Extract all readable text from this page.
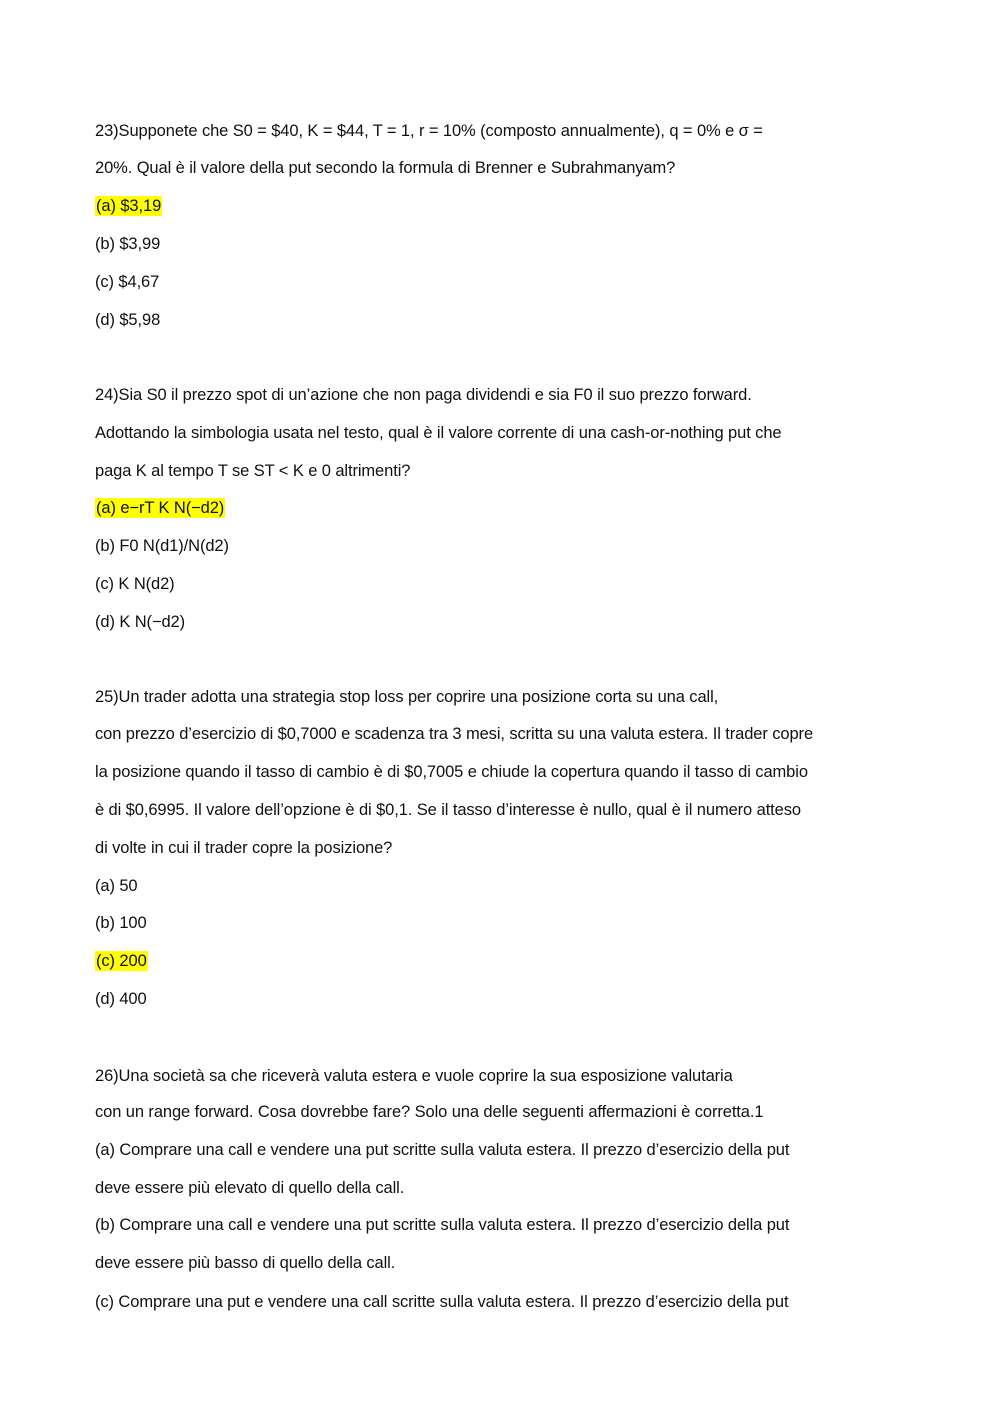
23)Supponete che S0 = $40, K = $44, T = 1, r = 10% (composto annualmente), q = 0% e σ =
20%. Qual è il valore della put secondo la formula di Brenner e Subrahmanyam?
(a) $3,19
(b) $3,99
(c) $4,67
(d) $5,98
24)Sia S0 il prezzo spot di un’azione che non paga dividendi e sia F0 il suo prezzo forward.
Adottando la simbologia usata nel testo, qual è il valore corrente di una cash-or-nothing put che
paga K al tempo T se ST < K e 0 altrimenti?
(a) e−rT K N(−d2)
(b) F0 N(d1)/N(d2)
(c) K N(d2)
(d) K N(−d2)
25)Un trader adotta una strategia stop loss per coprire una posizione corta su una call,
con prezzo d’esercizio di $0,7000 e scadenza tra 3 mesi, scritta su una valuta estera. Il trader copre
la posizione quando il tasso di cambio è di $0,7005 e chiude la copertura quando il tasso di cambio
è di $0,6995. Il valore dell’opzione è di $0,1. Se il tasso d’interesse è nullo, qual è il numero atteso
di volte in cui il trader copre la posizione?
(a) 50
(b) 100
(c) 200
(d) 400
26)Una società sa che riceverà valuta estera e vuole coprire la sua esposizione valutaria
con un range forward. Cosa dovrebbe fare? Solo una delle seguenti affermazioni è corretta.1
(a) Comprare una call e vendere una put scritte sulla valuta estera. Il prezzo d’esercizio della put
deve essere più elevato di quello della call.
(b) Comprare una call e vendere una put scritte sulla valuta estera. Il prezzo d’esercizio della put
deve essere più basso di quello della call.
(c) Comprare una put e vendere una call scritte sulla valuta estera. Il prezzo d’esercizio della put
